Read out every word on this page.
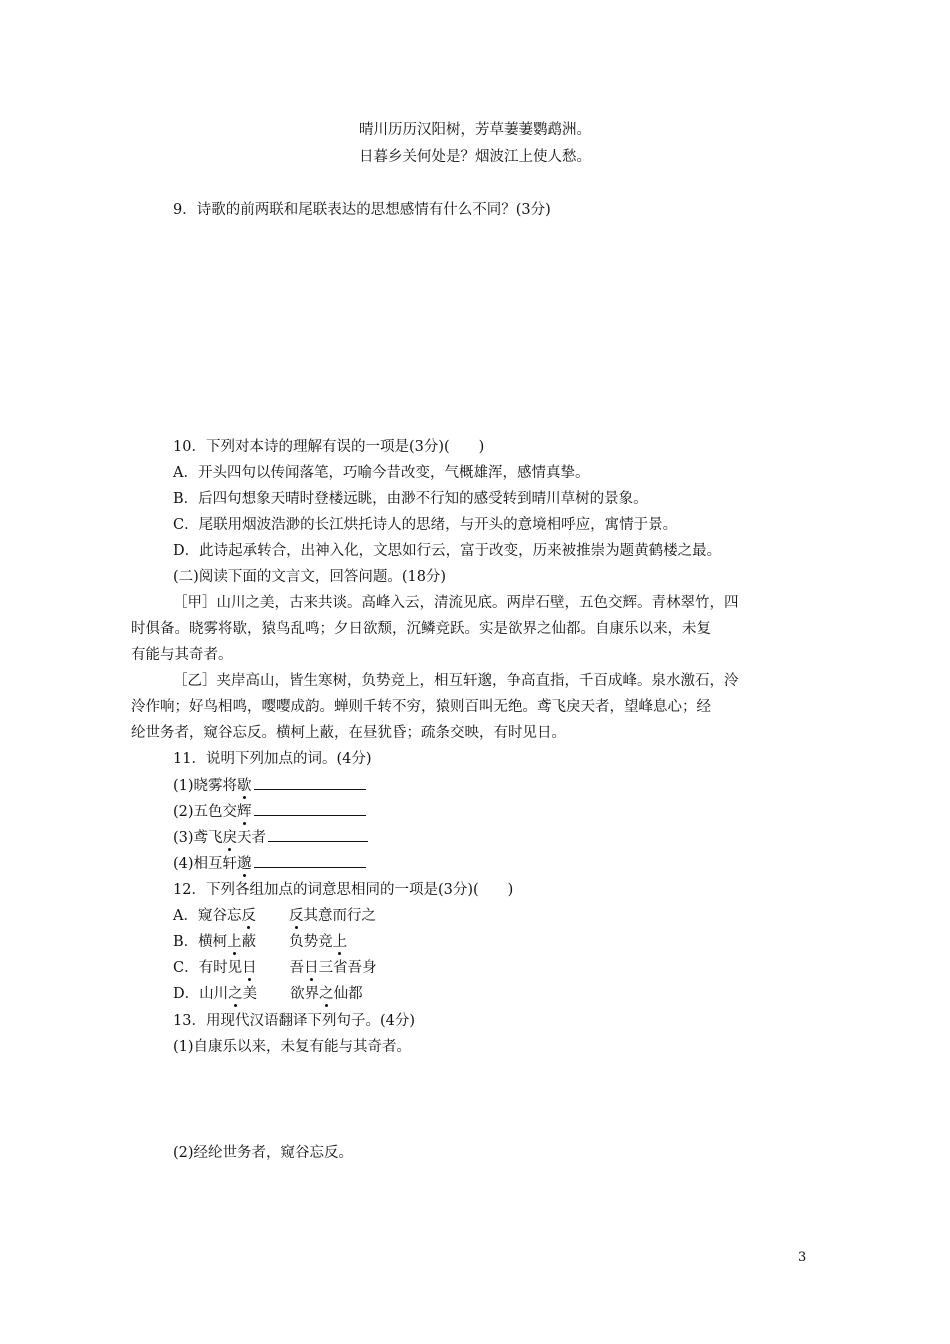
晴川历历汉阳树，芳草萋萋鹦鹉洲。
日暮乡关何处是？烟波江上使人愁。
9．诗歌的前两联和尾联表达的思想感情有什么不同？(3分)
10．下列对本诗的理解有误的一项是(3分)(　　)
A．开头四句以传闻落笔，巧喻今昔改变，气概雄浑，感情真挚。
B．后四句想象天晴时登楼远眺，由渺不行知的感受转到晴川草树的景象。
C．尾联用烟波浩渺的长江烘托诗人的思绪，与开头的意境相呼应，寓情于景。
D．此诗起承转合，出神入化，文思如行云，富于改变，历来被推崇为题黄鹤楼之最。
(二)阅读下面的文言文，回答问题。(18分)
［甲］山川之美，古来共谈。高峰入云，清流见底。两岸石壁，五色交辉。青林翠竹，四
时俱备。晓雾将歇，猿鸟乱鸣；夕日欲颓，沉鳞竞跃。实是欲界之仙都。自康乐以来，未复
有能与其奇者。
［乙］夹岸高山，皆生寒树，负势竞上，相互轩邈，争高直指，千百成峰。泉水激石，泠
泠作响；好鸟相鸣，嘤嘤成韵。蝉则千转不穷，猿则百叫无绝。鸢飞戾天者，望峰息心；经
纶世务者，窥谷忘反。横柯上蔽，在昼犹昏；疏条交映，有时见日。
11．说明下列加点的词。(4分)
(1)晓雾将歇
(2)五色交辉
(3)鸢飞戾天者
(4)相互轩邈
12．下列各组加点的词意思相同的一项是(3分)(　　)
A．窥谷忘反 反其意而行之
B．横柯上蔽 负势竞上
C．有时见日 吾日三省吾身
D．山川之美 欲界之仙都
13．用现代汉语翻译下列句子。(4分)
(1)自康乐以来，未复有能与其奇者。
(2)经纶世务者，窥谷忘反。
3
